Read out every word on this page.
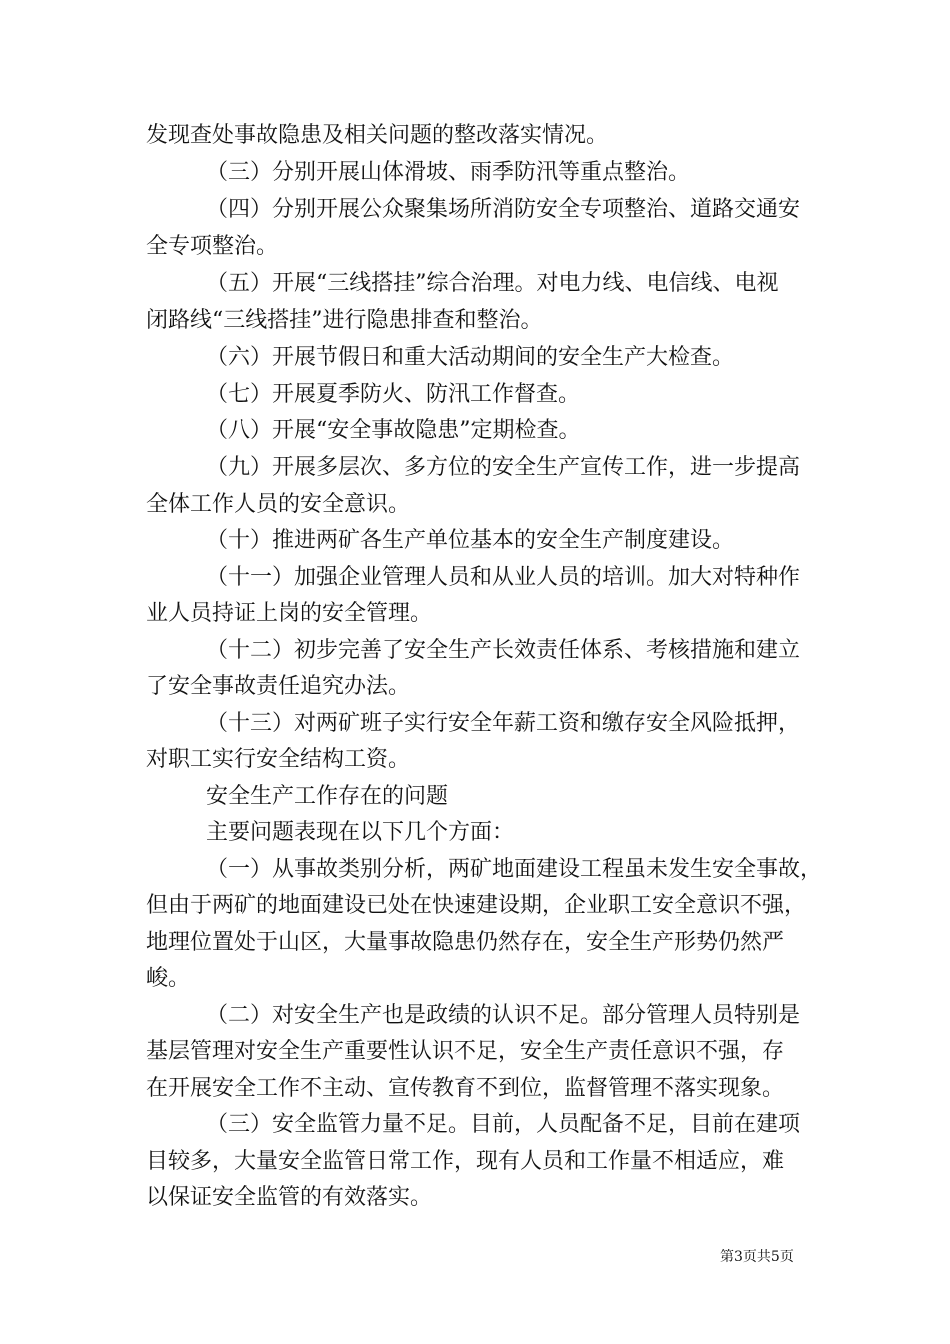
发现查处事故隐患及相关问题的整改落实情况。

（三）分别开展山体滑坡、雨季防汛等重点整治。

（四）分别开展公众聚集场所消防安全专项整治、道路交通安

全专项整治。

（五）开展“三线搭挂”综合治理。对电力线、电信线、电视

闭路线“三线搭挂”进行隐患排查和整治。

（六）开展节假日和重大活动期间的安全生产大检查。

（七）开展夏季防火、防汛工作督查。

（八）开展“安全事故隐患”定期检查。

（九）开展多层次、多方位的安全生产宣传工作，进一步提高

全体工作人员的安全意识。

（十）推进两矿各生产单位基本的安全生产制度建设。

（十一）加强企业管理人员和从业人员的培训。加大对特种作

业人员持证上岗的安全管理。

（十二）初步完善了安全生产长效责任体系、考核措施和建立

了安全事故责任追究办法。

（十三）对两矿班子实行安全年薪工资和缴存安全风险抵押，

对职工实行安全结构工资。

安全生产工作存在的问题

主要问题表现在以下几个方面：

（一）从事故类别分析，两矿地面建设工程虽未发生安全事故，

但由于两矿的地面建设已处在快速建设期，企业职工安全意识不强，

地理位置处于山区，大量事故隐患仍然存在，安全生产形势仍然严

峻。

（二）对安全生产也是政绩的认识不足。部分管理人员特别是

基层管理对安全生产重要性认识不足，安全生产责任意识不强，存

在开展安全工作不主动、宣传教育不到位，监督管理不落实现象。

（三）安全监管力量不足。目前，人员配备不足，目前在建项

目较多，大量安全监管日常工作，现有人员和工作量不相适应，难

以保证安全监管的有效落实。

第3页共5页
